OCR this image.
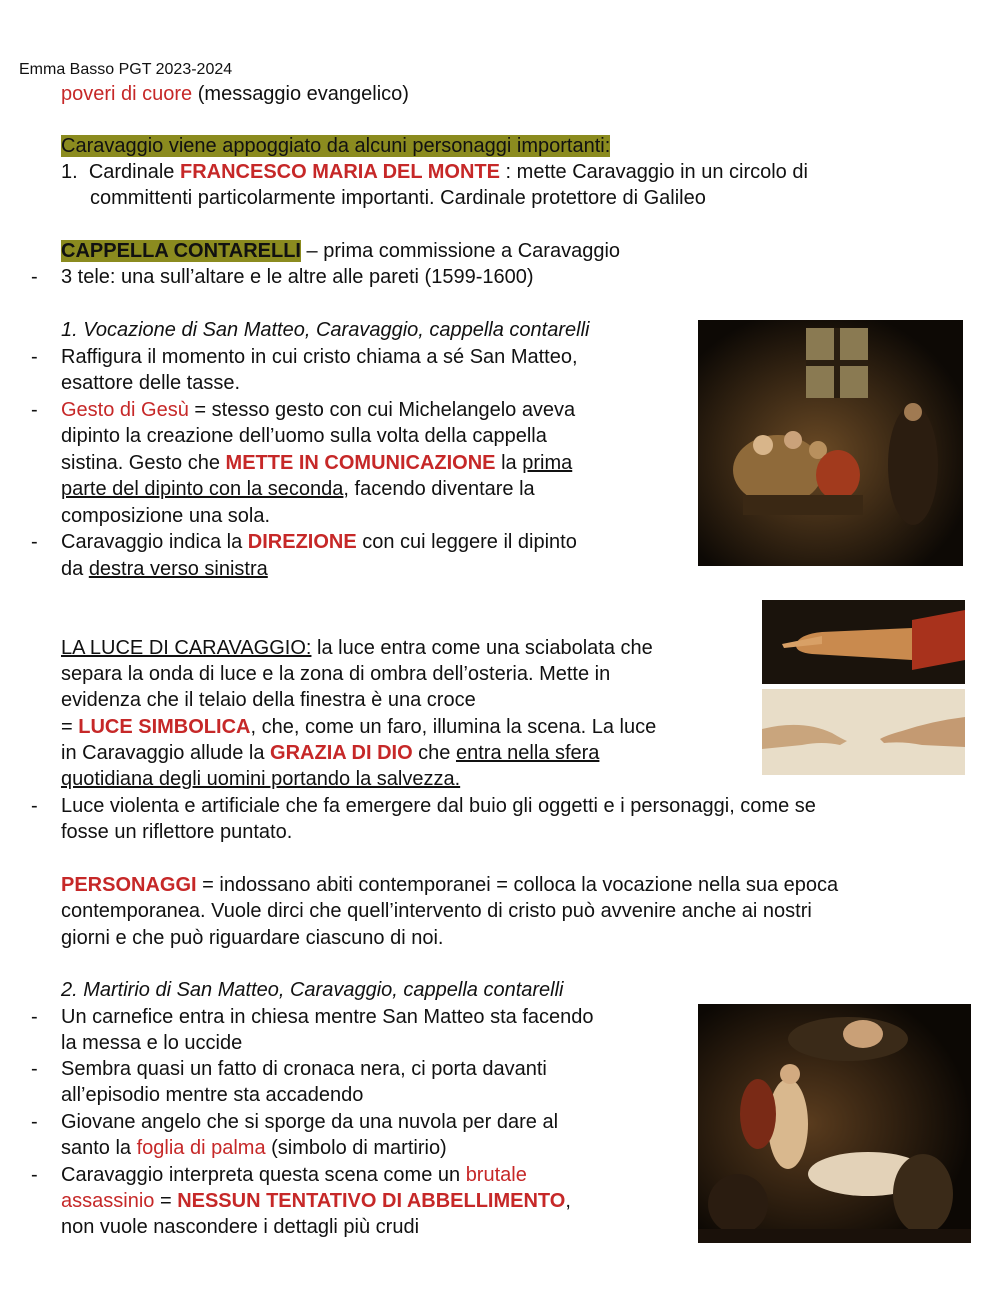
Emma Basso PGT 2023-2024
poveri di cuore (messaggio evangelico)
Caravaggio viene appoggiato da alcuni personaggi importanti:
1. Cardinale FRANCESCO MARIA DEL MONTE : mette Caravaggio in un circolo di
committenti particolarmente importanti. Cardinale protettore di Galileo
CAPPELLA CONTARELLI – prima commissione a Caravaggio
- 3 tele: una sull’altare e le altre alle pareti (1599-1600)
1. Vocazione di San Matteo, Caravaggio, cappella contarelli
- Raffigura il momento in cui cristo chiama a sé San Matteo,
esattore delle tasse.
- Gesto di Gesù = stesso gesto con cui Michelangelo aveva
dipinto la creazione dell’uomo sulla volta della cappella
sistina. Gesto che METTE IN COMUNICAZIONE la prima
parte del dipinto con la seconda, facendo diventare la
composizione una sola.
- Caravaggio indica la DIREZIONE con cui leggere il dipinto
da destra verso sinistra
LA LUCE DI CARAVAGGIO: la luce entra come una sciabolata che
separa la onda di luce e la zona di ombra dell’osteria. Mette in
evidenza che il telaio della finestra è una croce
= LUCE SIMBOLICA, che, come un faro, illumina la scena. La luce
in Caravaggio allude la GRAZIA DI DIO che entra nella sfera
quotidiana degli uomini portando la salvezza.
- Luce violenta e artificiale che fa emergere dal buio gli oggetti e i personaggi, come se
fosse un riflettore puntato.
PERSONAGGI = indossano abiti contemporanei = colloca la vocazione nella sua epoca
contemporanea. Vuole dirci che quell’intervento di cristo può avvenire anche ai nostri
giorni e che può riguardare ciascuno di noi.
2. Martirio di San Matteo, Caravaggio, cappella contarelli
- Un carnefice entra in chiesa mentre San Matteo sta facendo
la messa e lo uccide
- Sembra quasi un fatto di cronaca nera, ci porta davanti
all’episodio mentre sta accadendo
- Giovane angelo che si sporge da una nuvola per dare al
santo la foglia di palma (simbolo di martirio)
- Caravaggio interpreta questa scena come un brutale
assassinio = NESSUN TENTATIVO DI ABBELLIMENTO,
non vuole nascondere i dettagli più crudi
